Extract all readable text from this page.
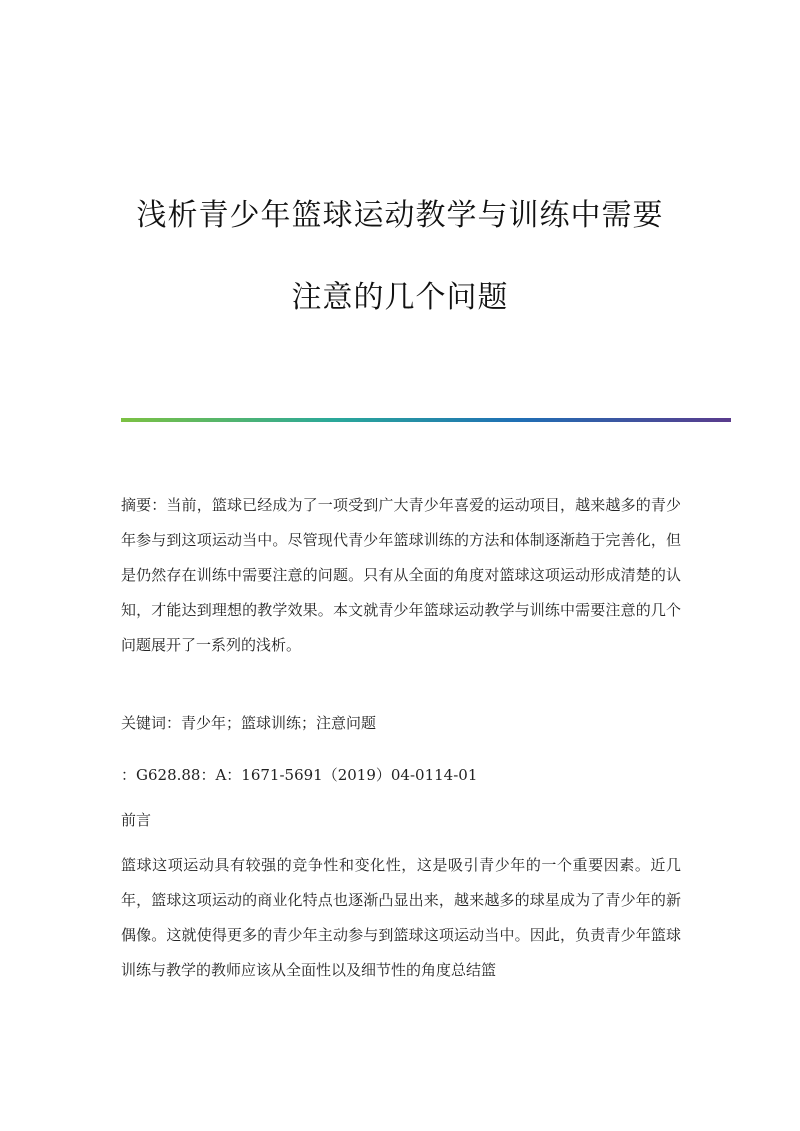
浅析青少年篮球运动教学与训练中需要
注意的几个问题

摘要：当前，篮球已经成为了一项受到广大青少年喜爱的运动项目，越来越多的青少年参与到这项运动当中。尽管现代青少年篮球训练的方法和体制逐渐趋于完善化，但是仍然存在训练中需要注意的问题。只有从全面的角度对篮球这项运动形成清楚的认知，才能达到理想的教学效果。本文就青少年篮球运动教学与训练中需要注意的几个问题展开了一系列的浅析。

关键词：青少年；篮球训练；注意问题

：G628.88：A：1671-5691（2019）04-0114-01

前言

篮球这项运动具有较强的竞争性和变化性，这是吸引青少年的一个重要因素。近几年，篮球这项运动的商业化特点也逐渐凸显出来，越来越多的球星成为了青少年的新偶像。这就使得更多的青少年主动参与到篮球这项运动当中。因此，负责青少年篮球训练与教学的教师应该从全面性以及细节性的角度总结篮
